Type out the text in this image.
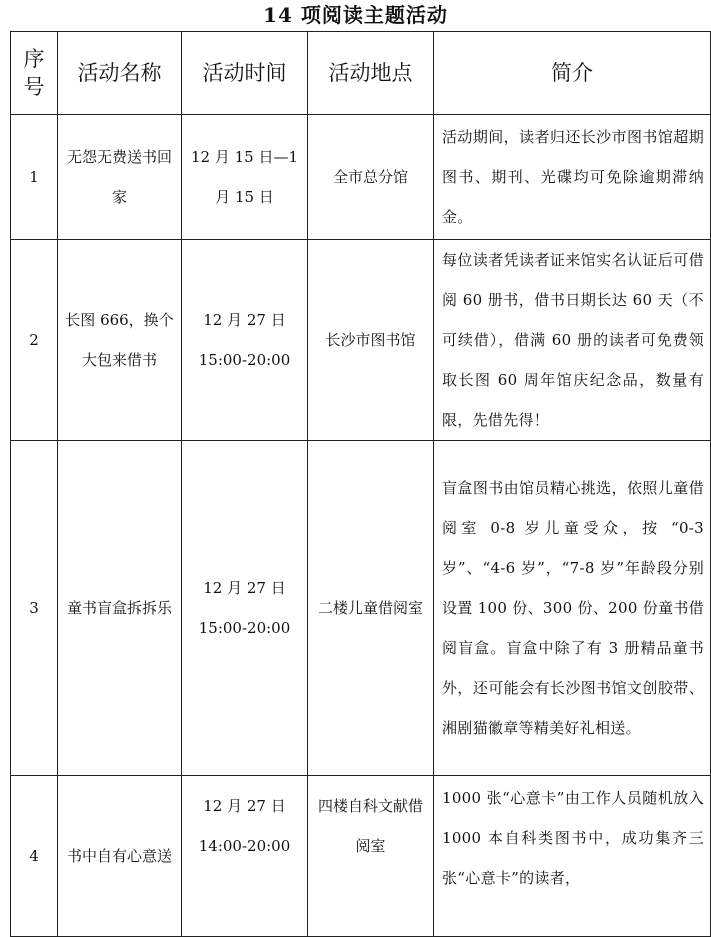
14 项阅读主题活动
序号	活动名称	活动时间	活动地点	简介
1	无怨无费送书回家	12 月 15 日—1 月 15 日	全市总分馆	活动期间，读者归还长沙市图书馆超期图书、期刊、光碟均可免除逾期滞纳金。
2	长图 666，换个大包来借书	12 月 27 日 15:00-20:00	长沙市图书馆	每位读者凭读者证来馆实名认证后可借阅 60 册书，借书日期长达 60 天（不可续借），借满 60 册的读者可免费领取长图 60 周年馆庆纪念品，数量有限，先借先得！
3	童书盲盒拆拆乐	12 月 27 日 15:00-20:00	二楼儿童借阅室	盲盒图书由馆员精心挑选，依照儿童借阅室 0-8 岁儿童受众，按 “0-3 岁”、“4-6 岁”，“7-8 岁”年龄段分别设置 100 份、300 份、200 份童书借阅盲盒。盲盒中除了有 3 册精品童书外，还可能会有长沙图书馆文创胶带、湘剧猫徽章等精美好礼相送。
4	书中自有心意送	12 月 27 日 14:00-20:00	四楼自科文献借阅室	1000 张“心意卡”由工作人员随机放入 1000 本自科类图书中，成功集齐三张“心意卡”的读者，
